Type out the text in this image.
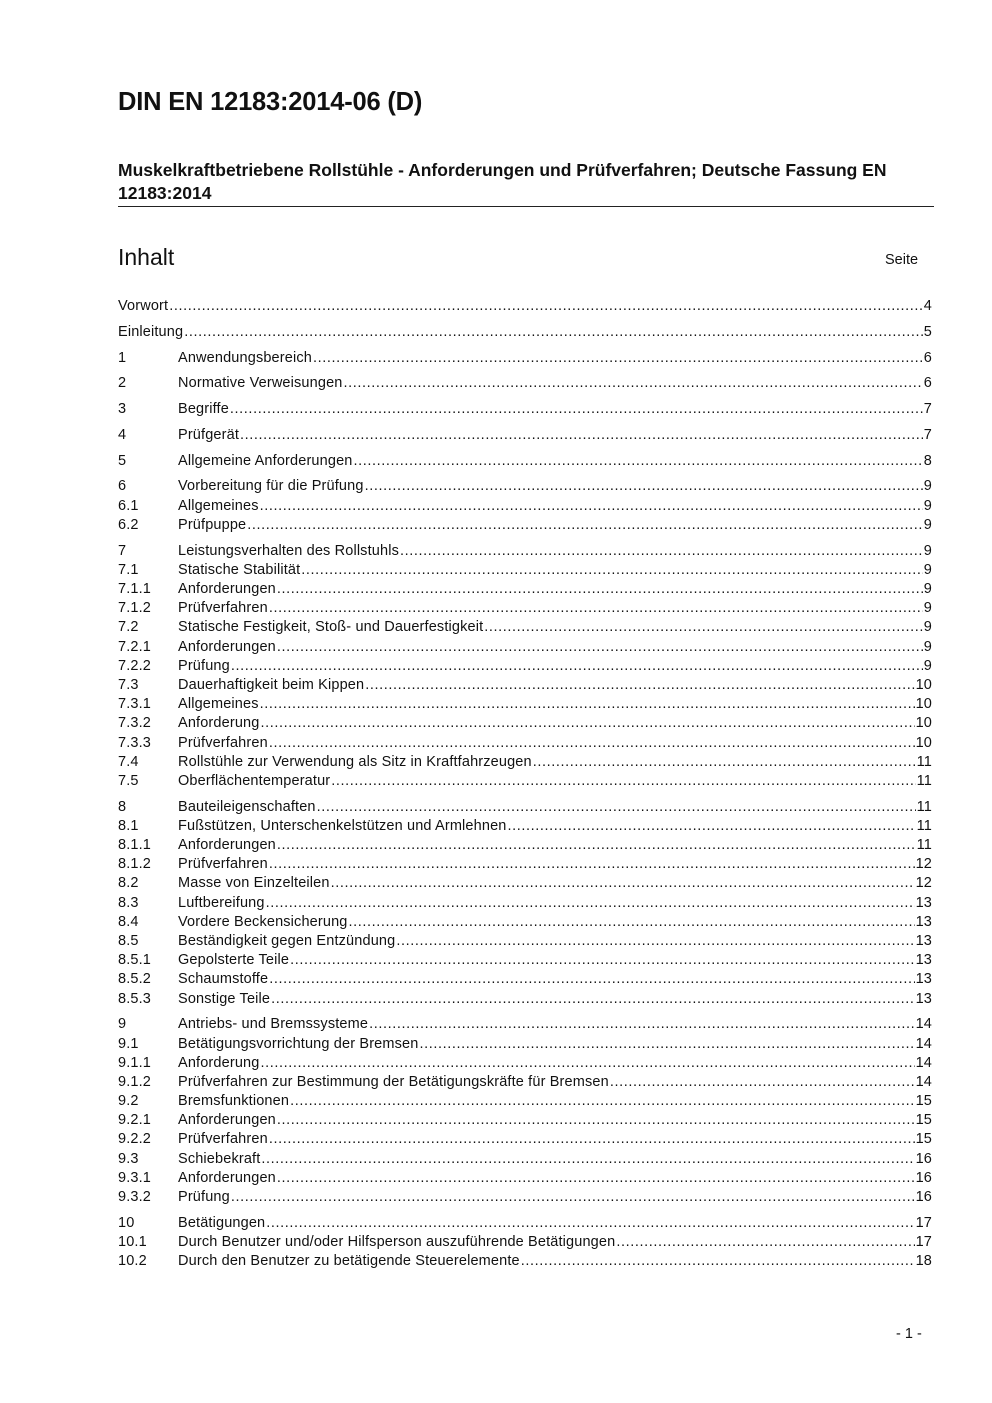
DIN EN 12183:2014-06 (D)

Muskelkraftbetriebene Rollstühle - Anforderungen und Prüfverfahren; Deutsche Fassung EN 12183:2014

Inhalt	Seite
Vorwort .....	4
Einleitung .....	5
1	Anwendungsbereich .....	6
2	Normative Verweisungen .....	6
3	Begriffe .....	7
4	Prüfgerät .....	7
5	Allgemeine Anforderungen .....	8
6	Vorbereitung für die Prüfung .....	9
6.1	Allgemeines .....	9
6.2	Prüfpuppe .....	9
7	Leistungsverhalten des Rollstuhls .....	9
7.1	Statische Stabilität .....	9
7.1.1 Anforderungen .....	9
7.1.2 Prüfverfahren .....	9
7.2	Statische Festigkeit, Stoß- und Dauerfestigkeit .....	9
7.2.1 Anforderungen .....	9
7.2.2 Prüfung .....	9
7.3	Dauerhaftigkeit beim Kippen .....	10
7.3.1 Allgemeines .....	10
7.3.2 Anforderung .....	10
7.3.3 Prüfverfahren .....	10
7.4	Rollstühle zur Verwendung als Sitz in Kraftfahrzeugen .....	11
7.5	Oberflächentemperatur .....	11
8	Bauteileigenschaften .....	11
8.1	Fußstützen, Unterschenkelstützen und Armlehnen .....	11
8.1.1 Anforderungen .....	11
8.1.2 Prüfverfahren .....	12
8.2	Masse von Einzelteilen .....	12
8.3	Luftbereifung .....	13
8.4	Vordere Beckensicherung .....	13
8.5	Beständigkeit gegen Entzündung .....	13
8.5.1 Gepolsterte Teile .....	13
8.5.2 Schaumstoffe .....	13
8.5.3 Sonstige Teile .....	13
9	Antriebs- und Bremssysteme .....	14
9.1	Betätigungsvorrichtung der Bremsen .....	14
9.1.1 Anforderung .....	14
9.1.2 Prüfverfahren zur Bestimmung der Betätigungskräfte für Bremsen .....	14
9.2	Bremsfunktionen .....	15
9.2.1 Anforderungen .....	15
9.2.2 Prüfverfahren .....	15
9.3	Schiebekraft .....	16
9.3.1 Anforderungen .....	16
9.3.2 Prüfung .....	16
10	Betätigungen .....	17
10.1 Durch Benutzer und/oder Hilfsperson auszuführende Betätigungen .....	17
10.2 Durch den Benutzer zu betätigende Steuerelemente .....	18
- 1 -
